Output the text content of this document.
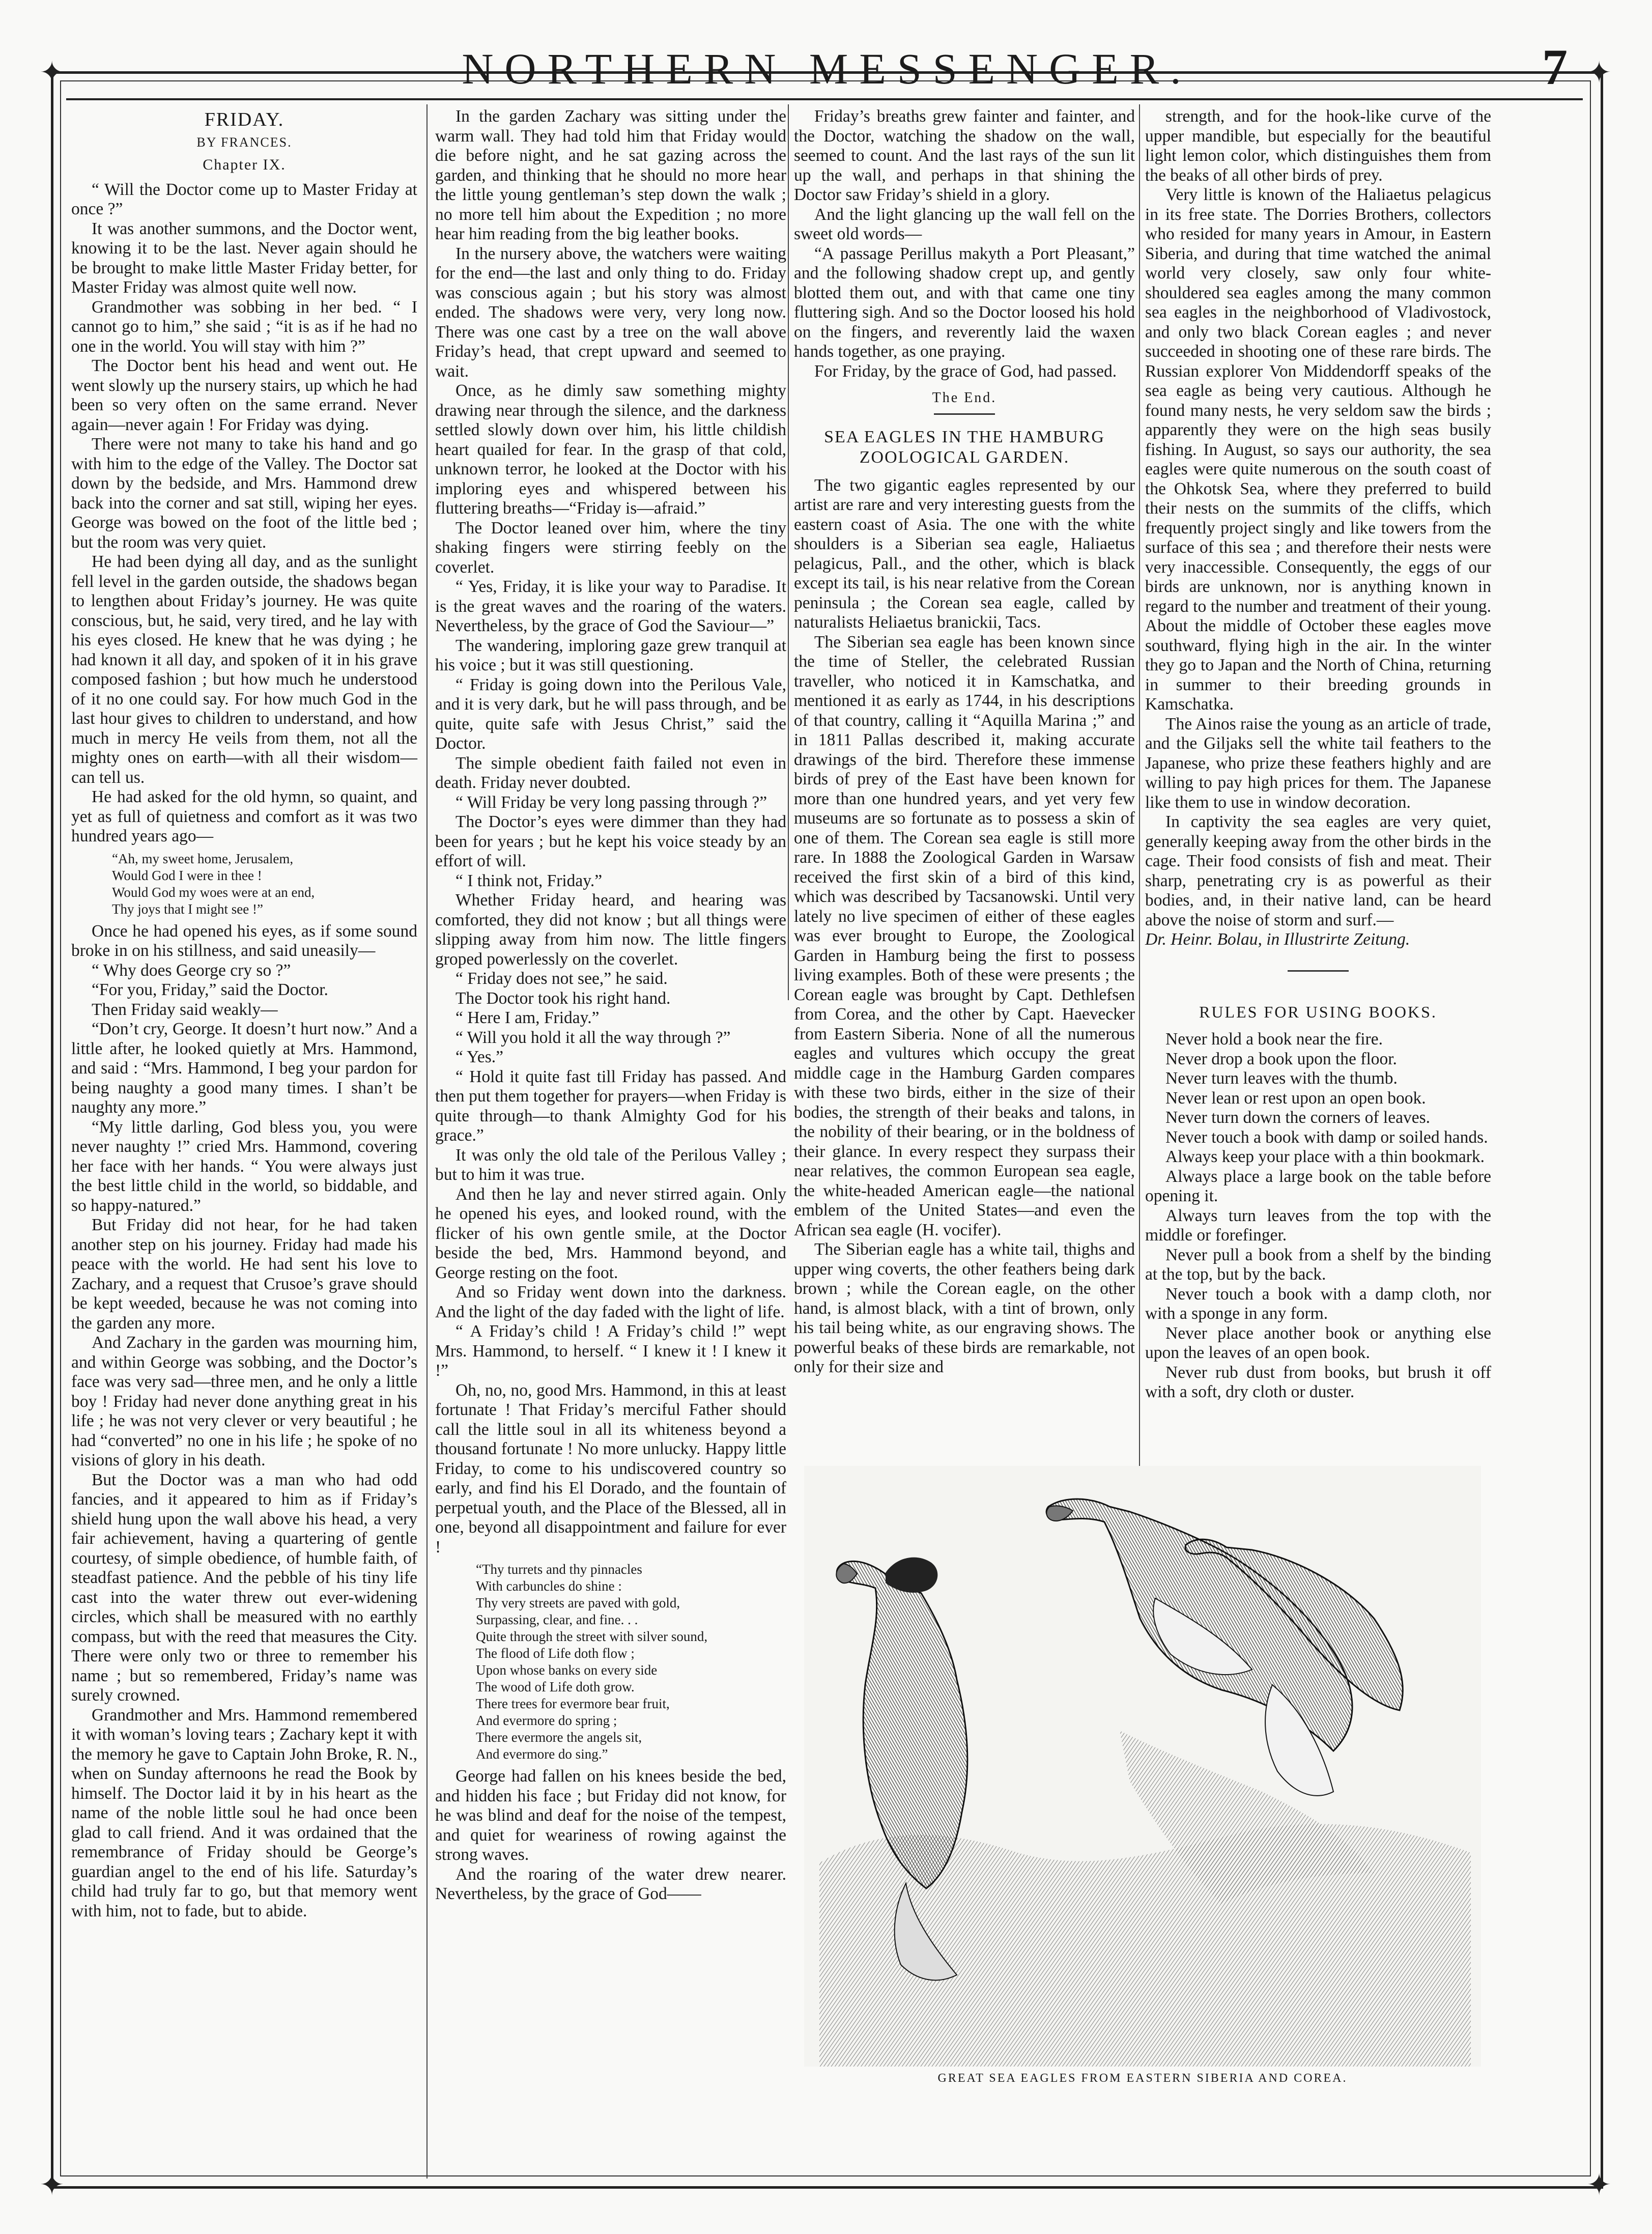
✦	✦
✦	✦
NORTHERN MESSENGER.	7
FRIDAY.
BY FRANCES.
Chapter IX.

“ Will the Doctor come up to Master Friday at once ?”

It was another summons, and the Doctor went, knowing it to be the last. Never again should he be brought to make little Master Friday better, for Master Friday was almost quite well now.

Grandmother was sobbing in her bed. “ I cannot go to him,” she said ; “it is as if he had no one in the world. You will stay with him ?”

The Doctor bent his head and went out. He went slowly up the nursery stairs, up which he had been so very often on the same errand. Never again—never again ! For Friday was dying.

There were not many to take his hand and go with him to the edge of the Valley. The Doctor sat down by the bedside, and Mrs. Hammond drew back into the corner and sat still, wiping her eyes. George was bowed on the foot of the little bed ; but the room was very quiet.

He had been dying all day, and as the sunlight fell level in the garden outside, the shadows began to lengthen about Friday’s journey. He was quite conscious, but, he said, very tired, and he lay with his eyes closed. He knew that he was dying ; he had known it all day, and spoken of it in his grave composed fashion ; but how much he understood of it no one could say. For how much God in the last hour gives to children to understand, and how much in mercy He veils from them, not all the mighty ones on earth—with all their wisdom—can tell us.

He had asked for the old hymn, so quaint, and yet as full of quietness and comfort as it was two hundred years ago—

“Ah, my sweet home, Jerusalem,
Would God I were in thee !
Would God my woes were at an end,
Thy joys that I might see !”

Once he had opened his eyes, as if some sound broke in on his stillness, and said uneasily—

“ Why does George cry so ?”

“For you, Friday,” said the Doctor.

Then Friday said weakly—

“Don’t cry, George. It doesn’t hurt now.” And a little after, he looked quietly at Mrs. Hammond, and said : “Mrs. Hammond, I beg your pardon for being naughty a good many times. I shan’t be naughty any more.”

“My little darling, God bless you, you were never naughty !” cried Mrs. Hammond, covering her face with her hands. “ You were always just the best little child in the world, so biddable, and so happy-natured.”

But Friday did not hear, for he had taken another step on his journey. Friday had made his peace with the world. He had sent his love to Zachary, and a request that Crusoe’s grave should be kept weeded, because he was not coming into the garden any more.

And Zachary in the garden was mourning him, and within George was sobbing, and the Doctor’s face was very sad—three men, and he only a little boy ! Friday had never done anything great in his life ; he was not very clever or very beautiful ; he had “converted” no one in his life ; he spoke of no visions of glory in his death.

But the Doctor was a man who had odd fancies, and it appeared to him as if Friday’s shield hung upon the wall above his head, a very fair achievement, having a quartering of gentle courtesy, of simple obedience, of humble faith, of steadfast patience. And the pebble of his tiny life cast into the water threw out ever-widening circles, which shall be measured with no earthly compass, but with the reed that measures the City. There were only two or three to remember his name ; but so remembered, Friday’s name was surely crowned.

Grandmother and Mrs. Hammond remembered it with woman’s loving tears ; Zachary kept it with the memory he gave to Captain John Broke, R. N., when on Sunday afternoons he read the Book by himself. The Doctor laid it by in his heart as the name of the noble little soul he had once been glad to call friend. And it was ordained that the remembrance of Friday should be George’s guardian angel to the end of his life. Saturday’s child had truly far to go, but that memory went with him, not to fade, but to abide.

In the garden Zachary was sitting under the warm wall. They had told him that Friday would die before night, and he sat gazing across the garden, and thinking that he should no more hear the little young gentleman’s step down the walk ; no more tell him about the Expedition ; no more hear him reading from the big leather books.

In the nursery above, the watchers were waiting for the end—the last and only thing to do. Friday was conscious again ; but his story was almost ended. The shadows were very, very long now. There was one cast by a tree on the wall above Friday’s head, that crept upward and seemed to wait.

Once, as he dimly saw something mighty drawing near through the silence, and the darkness settled slowly down over him, his little childish heart quailed for fear. In the grasp of that cold, unknown terror, he looked at the Doctor with his imploring eyes and whispered between his fluttering breaths—“Friday is—afraid.”

The Doctor leaned over him, where the tiny shaking fingers were stirring feebly on the coverlet.

“ Yes, Friday, it is like your way to Paradise. It is the great waves and the roaring of the waters. Nevertheless, by the grace of God the Saviour—”

The wandering, imploring gaze grew tranquil at his voice ; but it was still questioning.

“ Friday is going down into the Perilous Vale, and it is very dark, but he will pass through, and be quite, quite safe with Jesus Christ,” said the Doctor.

The simple obedient faith failed not even in death. Friday never doubted.

“ Will Friday be very long passing through ?”

The Doctor’s eyes were dimmer than they had been for years ; but he kept his voice steady by an effort of will.

“ I think not, Friday.”

Whether Friday heard, and hearing was comforted, they did not know ; but all things were slipping away from him now. The little fingers groped powerlessly on the coverlet.

“ Friday does not see,” he said.

The Doctor took his right hand.

“ Here I am, Friday.”

“ Will you hold it all the way through ?”

“ Yes.”

“ Hold it quite fast till Friday has passed. And then put them together for prayers—when Friday is quite through—to thank Almighty God for his grace.”

It was only the old tale of the Perilous Valley ; but to him it was true.

And then he lay and never stirred again. Only he opened his eyes, and looked round, with the flicker of his own gentle smile, at the Doctor beside the bed, Mrs. Hammond beyond, and George resting on the foot.

And so Friday went down into the darkness. And the light of the day faded with the light of life.

“ A Friday’s child ! A Friday’s child !” wept Mrs. Hammond, to herself. “ I knew it ! I knew it !”

Oh, no, no, good Mrs. Hammond, in this at least fortunate ! That Friday’s merciful Father should call the little soul in all its whiteness beyond a thousand fortunate ! No more unlucky. Happy little Friday, to come to his undiscovered country so early, and find his El Dorado, and the fountain of perpetual youth, and the Place of the Blessed, all in one, beyond all disappointment and failure for ever !

“Thy turrets and thy pinnacles
With carbuncles do shine :
Thy very streets are paved with gold,
Surpassing, clear, and fine. . .
Quite through the street with silver sound,
The flood of Life doth flow ;
Upon whose banks on every side
The wood of Life doth grow.
There trees for evermore bear fruit,
And evermore do spring ;
There evermore the angels sit,
And evermore do sing.”

George had fallen on his knees beside the bed, and hidden his face ; but Friday did not know, for he was blind and deaf for the noise of the tempest, and quiet for weariness of rowing against the strong waves.

And the roaring of the water drew nearer. Nevertheless, by the grace of God——

Friday’s breaths grew fainter and fainter, and the Doctor, watching the shadow on the wall, seemed to count. And the last rays of the sun lit up the wall, and perhaps in that shining the Doctor saw Friday’s shield in a glory.

And the light glancing up the wall fell on the sweet old words—

“A passage Perillus makyth a Port Pleasant,” and the following shadow crept up, and gently blotted them out, and with that came one tiny fluttering sigh. And so the Doctor loosed his hold on the fingers, and reverently laid the waxen hands together, as one praying.

For Friday, by the grace of God, had passed.

The End.
SEA EAGLES IN THE HAMBURG ZOOLOGICAL GARDEN.

The two gigantic eagles represented by our artist are rare and very interesting guests from the eastern coast of Asia. The one with the white shoulders is a Siberian sea eagle, Haliaetus pelagicus, Pall., and the other, which is black except its tail, is his near relative from the Corean peninsula ; the Corean sea eagle, called by naturalists Heliaetus branickii, Tacs.

The Siberian sea eagle has been known since the time of Steller, the celebrated Russian traveller, who noticed it in Kamschatka, and mentioned it as early as 1744, in his descriptions of that country, calling it “Aquilla Marina ;” and in 1811 Pallas described it, making accurate drawings of the bird. Therefore these immense birds of prey of the East have been known for more than one hundred years, and yet very few museums are so fortunate as to possess a skin of one of them. The Corean sea eagle is still more rare. In 1888 the Zoological Garden in Warsaw received the first skin of a bird of this kind, which was described by Tacsanowski. Until very lately no live specimen of either of these eagles was ever brought to Europe, the Zoological Garden in Hamburg being the first to possess living examples. Both of these were presents ; the Corean eagle was brought by Capt. Dethlefsen from Corea, and the other by Capt. Haevecker from Eastern Siberia. None of all the numerous eagles and vultures which occupy the great middle cage in the Hamburg Garden compares with these two birds, either in the size of their bodies, the strength of their beaks and talons, in the nobility of their bearing, or in the boldness of their glance. In every respect they surpass their near relatives, the common European sea eagle, the white-headed American eagle—the national emblem of the United States—and even the African sea eagle (H. vocifer).

The Siberian eagle has a white tail, thighs and upper wing coverts, the other feathers being dark brown ; while the Corean eagle, on the other hand, is almost black, with a tint of brown, only his tail being white, as our engraving shows. The powerful beaks of these birds are remarkable, not only for their size and

strength, and for the hook-like curve of the upper mandible, but especially for the beautiful light lemon color, which distinguishes them from the beaks of all other birds of prey.

Very little is known of the Haliaetus pelagicus in its free state. The Dorries Brothers, collectors who resided for many years in Amour, in Eastern Siberia, and during that time watched the animal world very closely, saw only four white-shouldered sea eagles among the many common sea eagles in the neighborhood of Vladivostock, and only two black Corean eagles ; and never succeeded in shooting one of these rare birds. The Russian explorer Von Middendorff speaks of the sea eagle as being very cautious. Although he found many nests, he very seldom saw the birds ; apparently they were on the high seas busily fishing. In August, so says our authority, the sea eagles were quite numerous on the south coast of the Ohkotsk Sea, where they preferred to build their nests on the summits of the cliffs, which frequently project singly and like towers from the surface of this sea ; and therefore their nests were very inaccessible. Consequently, the eggs of our birds are unknown, nor is anything known in regard to the number and treatment of their young. About the middle of October these eagles move southward, flying high in the air. In the winter they go to Japan and the North of China, returning in summer to their breeding grounds in Kamschatka.

The Ainos raise the young as an article of trade, and the Giljaks sell the white tail feathers to the Japanese, who prize these feathers highly and are willing to pay high prices for them. The Japanese like them to use in window decoration.

In captivity the sea eagles are very quiet, generally keeping away from the other birds in the cage. Their food consists of fish and meat. Their sharp, penetrating cry is as powerful as their bodies, and, in their native land, can be heard above the noise of storm and surf.—

Dr. Heinr. Bolau, in Illustrirte Zeitung.
RULES FOR USING BOOKS.

Never hold a book near the fire.

Never drop a book upon the floor.

Never turn leaves with the thumb.

Never lean or rest upon an open book.

Never turn down the corners of leaves.

Never touch a book with damp or soiled hands.

Always keep your place with a thin bookmark.

Always place a large book on the table before opening it.

Always turn leaves from the top with the middle or forefinger.

Never pull a book from a shelf by the binding at the top, but by the back.

Never touch a book with a damp cloth, nor with a sponge in any form.

Never place another book or anything else upon the leaves of an open book.

Never rub dust from books, but brush it off with a soft, dry cloth or duster.

GREAT SEA EAGLES FROM EASTERN SIBERIA AND COREA.
